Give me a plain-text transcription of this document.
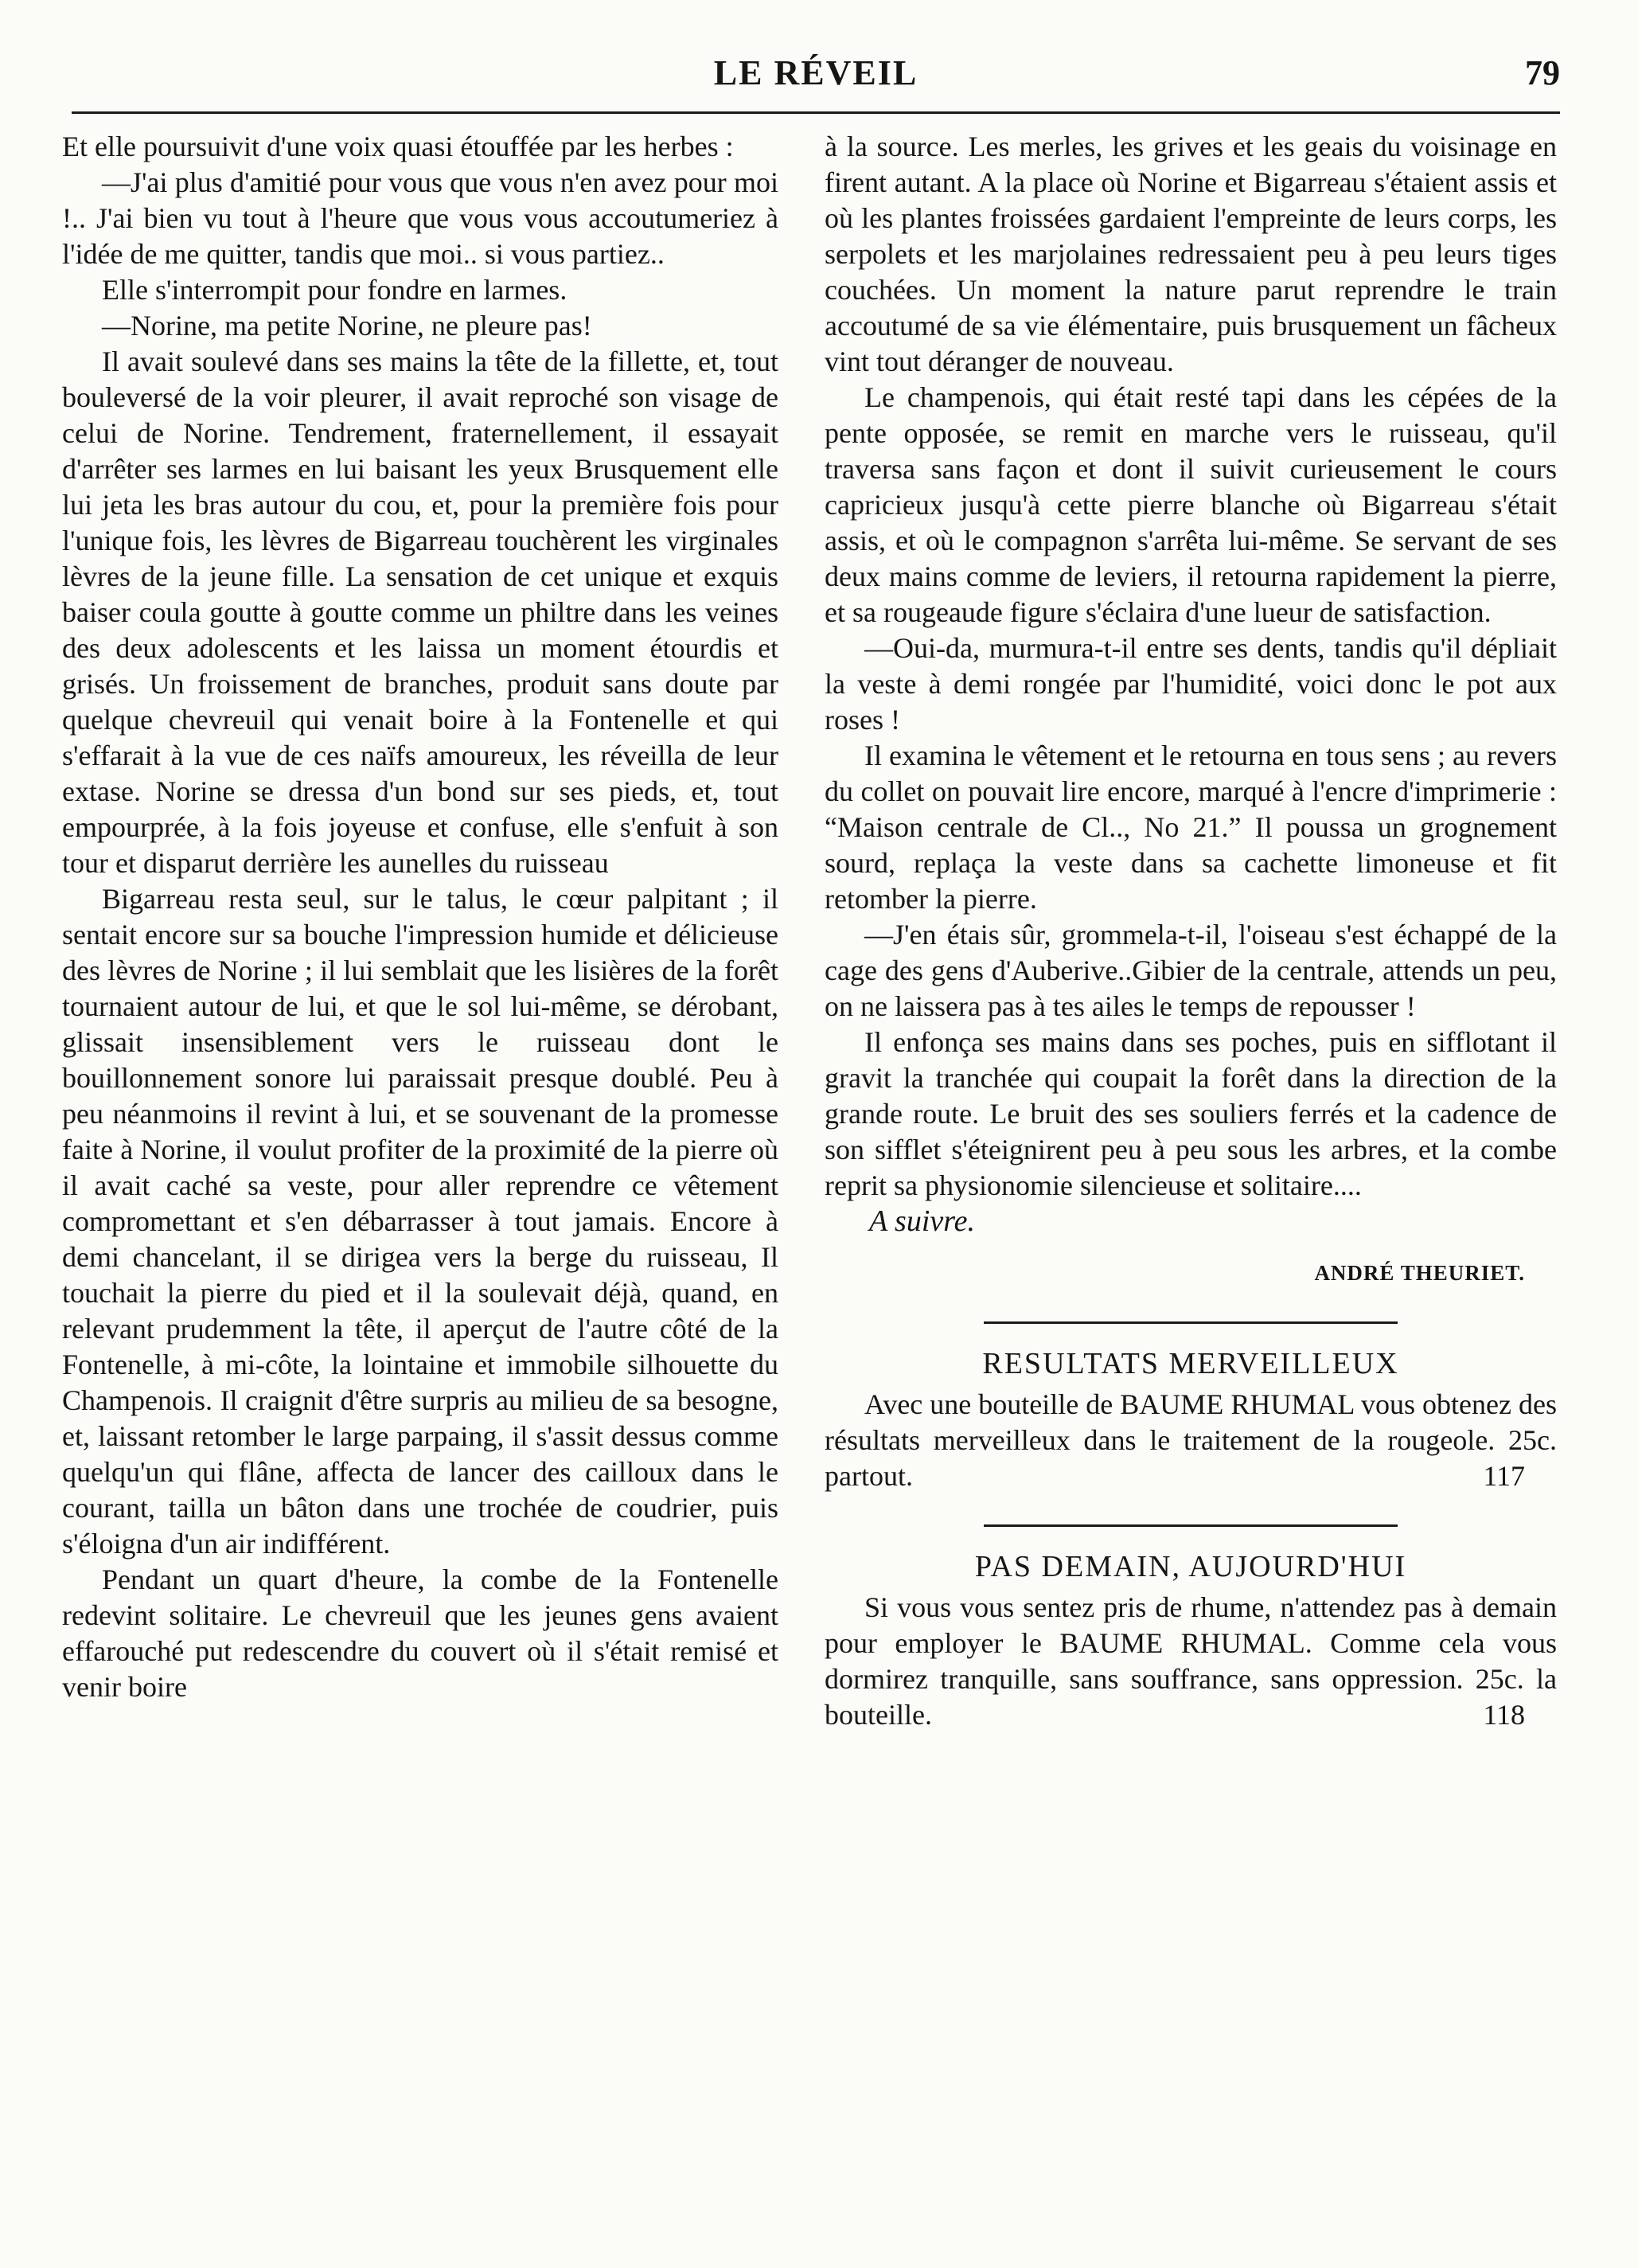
LE RÉVEIL	79

Et elle poursuivit d'une voix quasi étouffée par les herbes :

—J'ai plus d'amitié pour vous que vous n'en avez pour moi !.. J'ai bien vu tout à l'heure que vous vous accoutumeriez à l'idée de me quitter, tandis que moi.. si vous partiez..

Elle s'interrompit pour fondre en larmes.

—Norine, ma petite Norine, ne pleure pas!

Il avait soulevé dans ses mains la tête de la fillette, et, tout bouleversé de la voir pleurer, il avait reproché son visage de celui de Norine. Tendrement, fraternellement, il essayait d'arrêter ses larmes en lui baisant les yeux Brusquement elle lui jeta les bras autour du cou, et, pour la première fois pour l'unique fois, les lèvres de Bigarreau touchèrent les virginales lèvres de la jeune fille. La sensation de cet unique et exquis baiser coula goutte à goutte comme un philtre dans les veines des deux adolescents et les laissa un moment étourdis et grisés. Un froissement de branches, produit sans doute par quelque chevreuil qui venait boire à la Fontenelle et qui s'effarait à la vue de ces naïfs amoureux, les réveilla de leur extase. Norine se dressa d'un bond sur ses pieds, et, tout empourprée, à la fois joyeuse et confuse, elle s'enfuit à son tour et disparut derrière les aunelles du ruisseau

Bigarreau resta seul, sur le talus, le cœur palpitant ; il sentait encore sur sa bouche l'impression humide et délicieuse des lèvres de Norine ; il lui semblait que les lisières de la forêt tournaient autour de lui, et que le sol lui-même, se dérobant, glissait insensiblement vers le ruisseau dont le bouillonnement sonore lui paraissait presque doublé. Peu à peu néanmoins il revint à lui, et se souvenant de la promesse faite à Norine, il voulut profiter de la proximité de la pierre où il avait caché sa veste, pour aller reprendre ce vêtement compromettant et s'en débarrasser à tout jamais. Encore à demi chancelant, il se dirigea vers la berge du ruisseau, Il touchait la pierre du pied et il la soulevait déjà, quand, en relevant prudemment la tête, il aperçut de l'autre côté de la Fontenelle, à mi-côte, la lointaine et immobile silhouette du Champenois. Il craignit d'être surpris au milieu de sa besogne, et, laissant retomber le large parpaing, il s'assit dessus comme quelqu'un qui flâne, affecta de lancer des cailloux dans le courant, tailla un bâton dans une trochée de coudrier, puis s'éloigna d'un air indifférent.

Pendant un quart d'heure, la combe de la Fontenelle redevint solitaire. Le chevreuil que les jeunes gens avaient effarouché put redescendre du couvert où il s'était remisé et venir boire

à la source. Les merles, les grives et les geais du voisinage en firent autant. A la place où Norine et Bigarreau s'étaient assis et où les plantes froissées gardaient l'empreinte de leurs corps, les serpolets et les marjolaines redressaient peu à peu leurs tiges couchées. Un moment la nature parut reprendre le train accoutumé de sa vie élémentaire, puis brusquement un fâcheux vint tout déranger de nouveau.

Le champenois, qui était resté tapi dans les cépées de la pente opposée, se remit en marche vers le ruisseau, qu'il traversa sans façon et dont il suivit curieusement le cours capricieux jusqu'à cette pierre blanche où Bigarreau s'était assis, et où le compagnon s'arrêta lui-même. Se servant de ses deux mains comme de leviers, il retourna rapidement la pierre, et sa rougeaude figure s'éclaira d'une lueur de satisfaction.

—Oui-da, murmura-t-il entre ses dents, tandis qu'il dépliait la veste à demi rongée par l'humidité, voici donc le pot aux roses !

Il examina le vêtement et le retourna en tous sens ; au revers du collet on pouvait lire encore, marqué à l'encre d'imprimerie : “Maison centrale de Cl.., No 21.” Il poussa un grognement sourd, replaça la veste dans sa cachette limoneuse et fit retomber la pierre.

—J'en étais sûr, grommela-t-il, l'oiseau s'est échappé de la cage des gens d'Auberive..Gibier de la centrale, attends un peu, on ne laissera pas à tes ailes le temps de repousser !

Il enfonça ses mains dans ses poches, puis en sifflotant il gravit la tranchée qui coupait la forêt dans la direction de la grande route. Le bruit des ses souliers ferrés et la cadence de son sifflet s'éteignirent peu à peu sous les arbres, et la combe reprit sa physionomie silencieuse et solitaire....

A suivre.

ANDRÉ THEURIET.

RESULTATS MERVEILLEUX

Avec une bouteille de BAUME RHUMAL vous obtenez des résultats merveilleux dans le traitement de la rougeole. 25c. partout.	117

PAS DEMAIN, AUJOURD'HUI

Si vous vous sentez pris de rhume, n'attendez pas à demain pour employer le BAUME RHUMAL. Comme cela vous dormirez tranquille, sans souffrance, sans oppression. 25c. la bouteille.	118
